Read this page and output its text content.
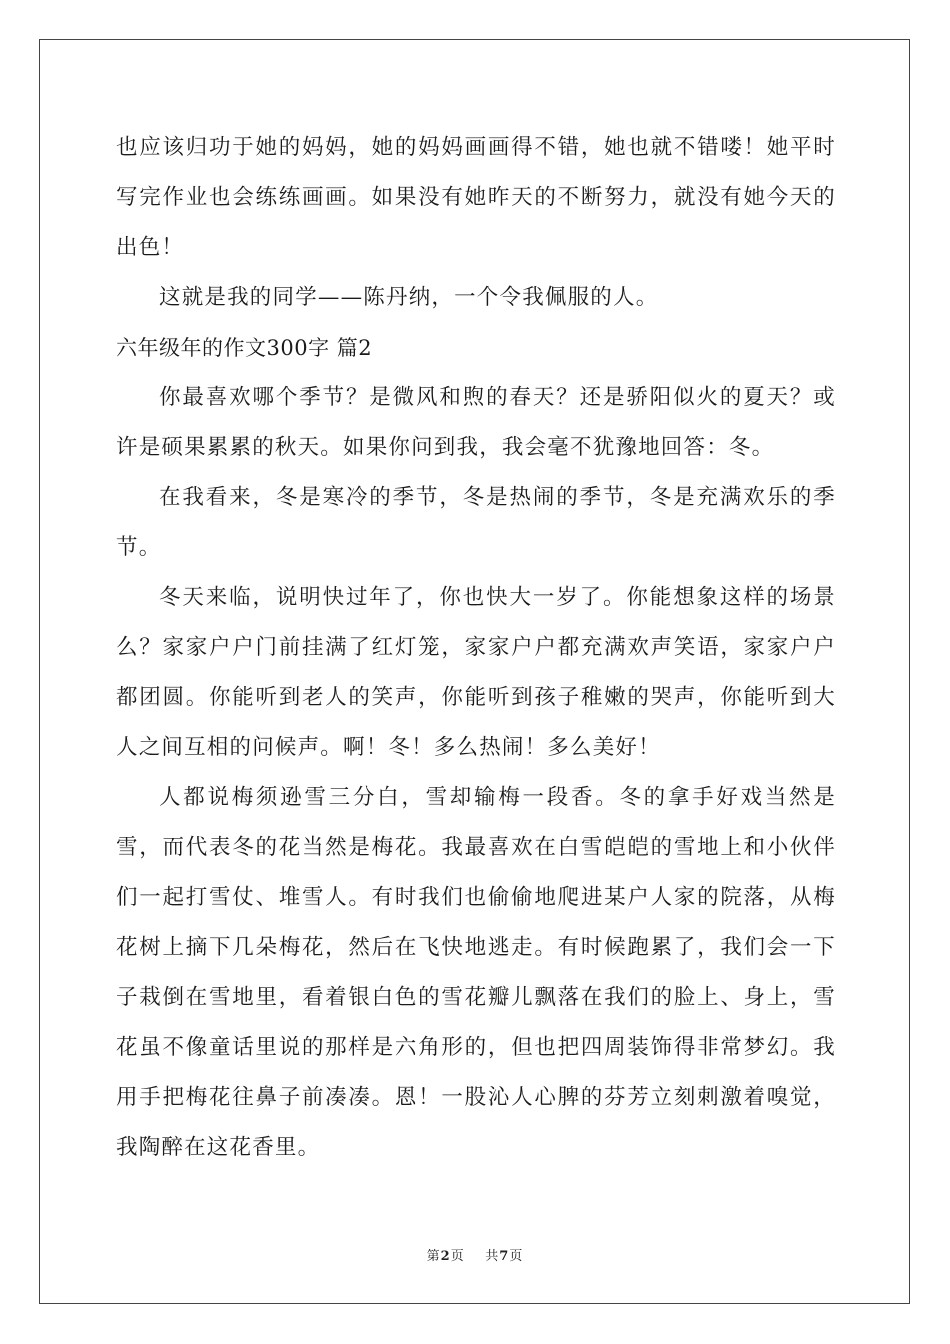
也应该归功于她的妈妈，她的妈妈画画得不错，她也就不错喽！她平时写完作业也会练练画画。如果没有她昨天的不断努力，就没有她今天的出色！

这就是我的同学——陈丹纳，一个令我佩服的人。

六年级年的作文300字 篇2

你最喜欢哪个季节？是微风和煦的春天？还是骄阳似火的夏天？或许是硕果累累的秋天。如果你问到我，我会毫不犹豫地回答：冬。

在我看来，冬是寒冷的季节，冬是热闹的季节，冬是充满欢乐的季节。

冬天来临，说明快过年了，你也快大一岁了。你能想象这样的场景么？家家户户门前挂满了红灯笼，家家户户都充满欢声笑语，家家户户都团圆。你能听到老人的笑声，你能听到孩子稚嫩的哭声，你能听到大人之间互相的问候声。啊！冬！多么热闹！多么美好！

人都说梅须逊雪三分白，雪却输梅一段香。冬的拿手好戏当然是雪，而代表冬的花当然是梅花。我最喜欢在白雪皑皑的雪地上和小伙伴们一起打雪仗、堆雪人。有时我们也偷偷地爬进某户人家的院落，从梅花树上摘下几朵梅花，然后在飞快地逃走。有时候跑累了，我们会一下子栽倒在雪地里，看着银白色的雪花瓣儿飘落在我们的脸上、身上，雪花虽不像童话里说的那样是六角形的，但也把四周装饰得非常梦幻。我用手把梅花往鼻子前凑凑。恩！一股沁人心脾的芬芳立刻刺激着嗅觉，我陶醉在这花香里。

第2页 共7页
